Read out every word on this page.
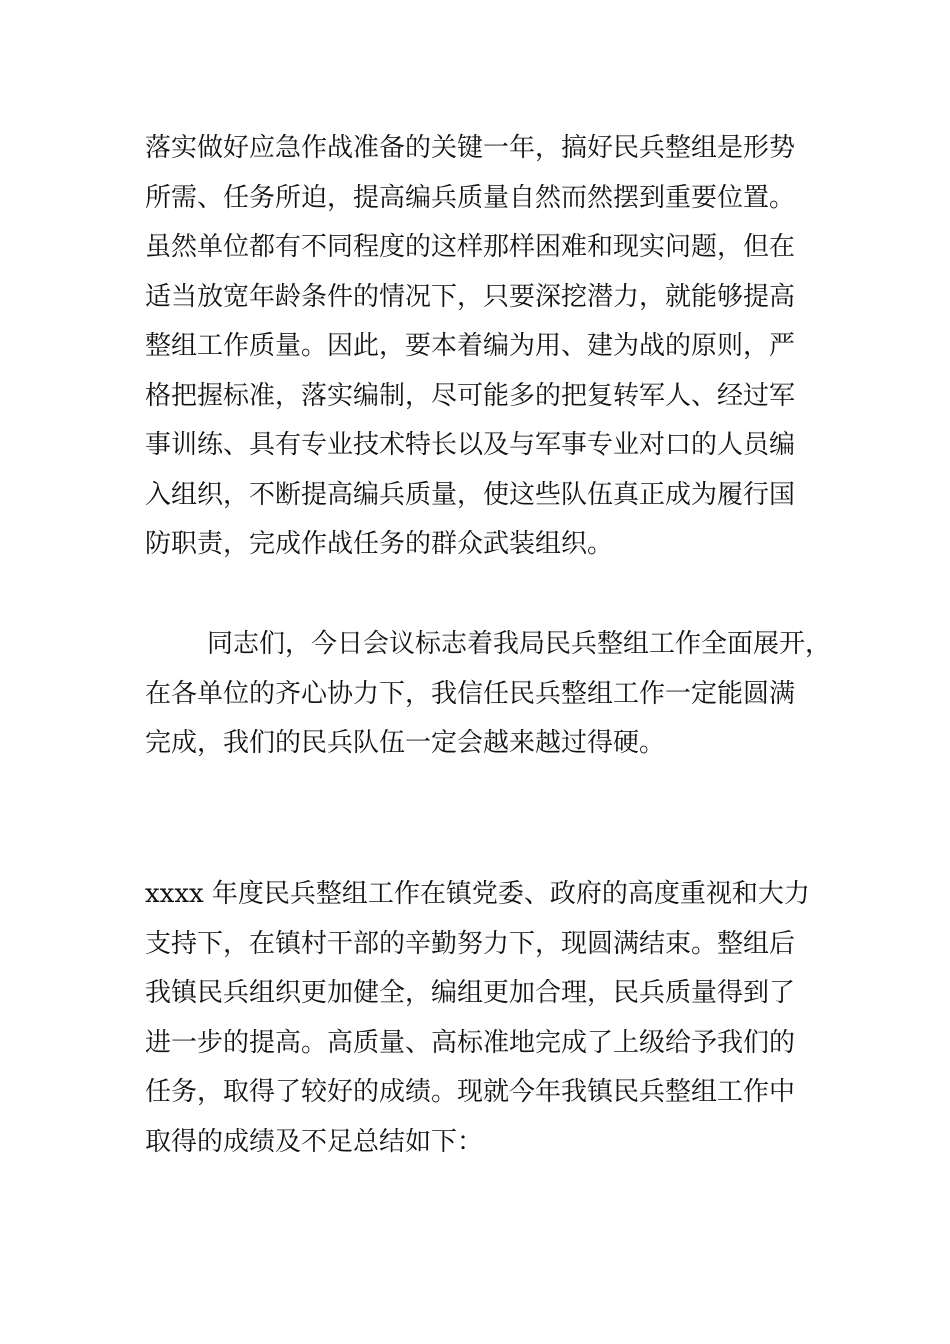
落实做好应急作战准备的关键一年，搞好民兵整组是形势
所需、任务所迫，提高编兵质量自然而然摆到重要位置。
虽然单位都有不同程度的这样那样困难和现实问题，但在
适当放宽年龄条件的情况下，只要深挖潜力，就能够提高
整组工作质量。因此，要本着编为用、建为战的原则，严
格把握标准，落实编制，尽可能多的把复转军人、经过军
事训练、具有专业技术特长以及与军事专业对口的人员编
入组织，不断提高编兵质量，使这些队伍真正成为履行国
防职责，完成作战任务的群众武装组织。
同志们，今日会议标志着我局民兵整组工作全面展开，
在各单位的齐心协力下，我信任民兵整组工作一定能圆满
完成，我们的民兵队伍一定会越来越过得硬。
xxxx 年度民兵整组工作在镇党委、政府的高度重视和大力
支持下，在镇村干部的辛勤努力下，现圆满结束。整组后
我镇民兵组织更加健全，编组更加合理，民兵质量得到了
进一步的提高。高质量、高标准地完成了上级给予我们的
任务，取得了较好的成绩。现就今年我镇民兵整组工作中
取得的成绩及不足总结如下：
